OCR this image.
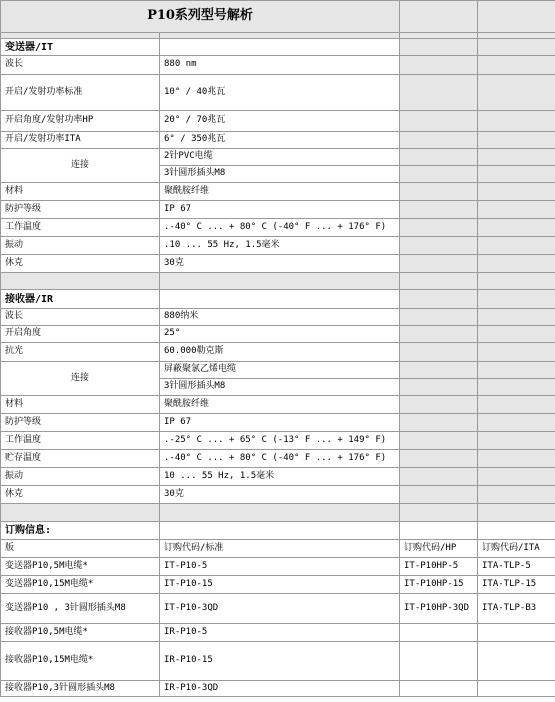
P10系列型号解析			

变送器/IT			
波长	880 nm		
开启/发射功率标准	10° / 40兆瓦		
开启角度/发射功率HP	20° / 70兆瓦		
开启/发射功率ITA	6° / 350兆瓦		
连接	2针PVC电缆		
	3针圆形插头M8		
材料	聚酰胺纤维		
防护等级	IP 67		
工作温度	.-40° C ... + 80° C (-40° F ... + 176° F)		
振动	.10 ... 55 Hz, 1.5毫米		
休克	30克		

接收器/IR			
波长	880纳米		
开启角度	25°		
抗光	60.000勒克斯		
连接	屏蔽聚氯乙烯电缆		
	3针圆形插头M8		
材料	聚酰胺纤维		
防护等级	IP 67		
工作温度	.-25° C ... + 65° C (-13° F ... + 149° F)		
贮存温度	.-40° C ... + 80° C (-40° F ... + 176° F)		
振动	10 ... 55 Hz, 1.5毫米		
休克	30克		

订购信息:			
版	订购代码/标准	订购代码/HP	订购代码/ITA
变送器P10,5M电缆*	IT-P10-5	IT-P10HP-5	ITA-TLP-5
变送器P10,15M电缆*	IT-P10-15	IT-P10HP-15	ITA-TLP-15
变送器P10 , 3针圆形插头M8	IT-P10-3QD	IT-P10HP-3QD	ITA-TLP-B3
接收器P10,5M电缆*	IR-P10-5		
接收器P10,15M电缆*	IR-P10-15		
接收器P10,3针圆形插头M8	IR-P10-3QD		
